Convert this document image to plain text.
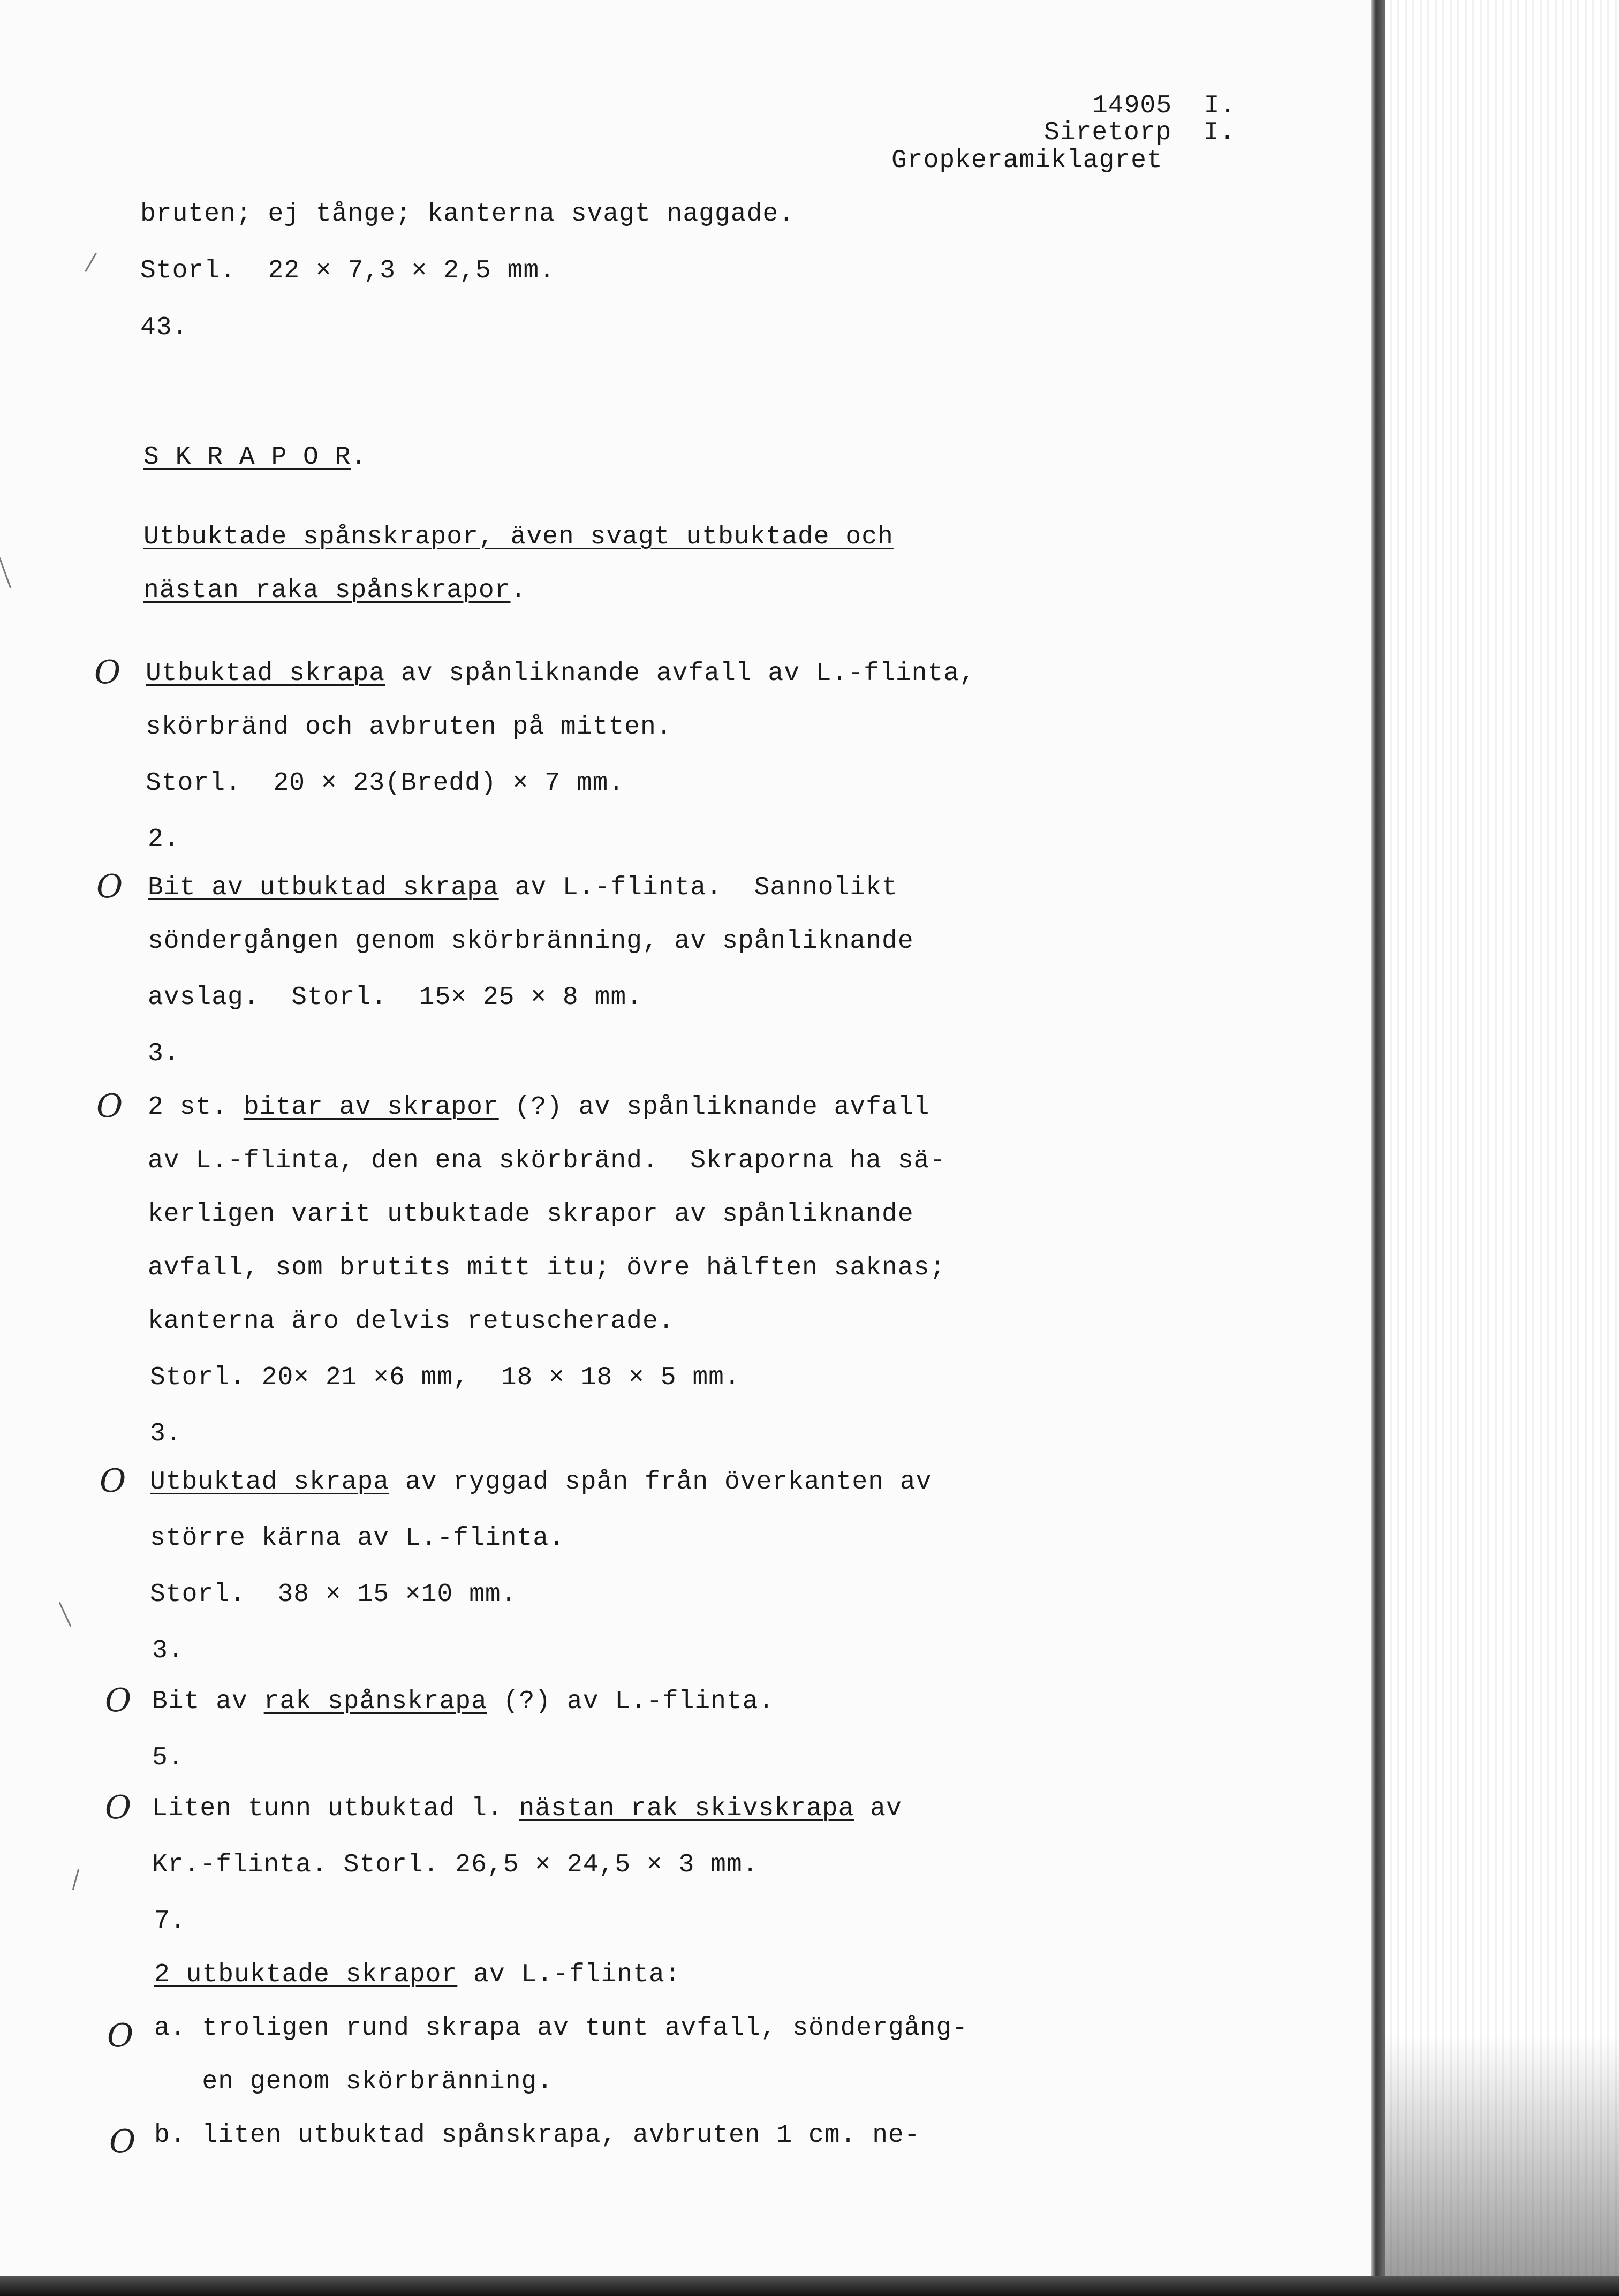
14905 I.
Siretorp I.
Gropkeramiklagret
bruten; ej tånge; kanterna svagt naggade.
Storl.  22 × 7,3 × 2,5 mm.
43.
S K R A P O R.
Utbuktade spånskrapor, även svagt utbuktade och
nästan raka spånskrapor.
O Utbuktad skrapa av spånliknande avfall av L.-flinta,
skörbränd och avbruten på mitten.
Storl.  20 × 23(Bredd) × 7 mm.
2.
O Bit av utbuktad skrapa av L.-flinta.  Sannolikt
söndergången genom skörbränning, av spånliknande
avslag.  Storl.  15× 25 × 8 mm.
3.
O 2 st. bitar av skrapor (?) av spånliknande avfall
av L.-flinta, den ena skörbränd.  Skraporna ha sä-
kerligen varit utbuktade skrapor av spånliknande
avfall, som brutits mitt itu; övre hälften saknas;
kanterna äro delvis retuscherade.
Storl. 20× 21 ×6 mm,  18 × 18 × 5 mm.
3.
O Utbuktad skrapa av ryggad spån från överkanten av
större kärna av L.-flinta.
Storl.  38 × 15 ×10 mm.
3.
O Bit av rak spånskrapa (?) av L.-flinta.
5.
O Liten tunn utbuktad l. nästan rak skivskrapa av
Kr.-flinta. Storl. 26,5 × 24,5 × 3 mm.
7.
2 utbuktade skrapor av L.-flinta:
O a. troligen rund skrapa av tunt avfall, söndergång-
en genom skörbränning.
O b. liten utbuktad spånskrapa, avbruten 1 cm. ne-
